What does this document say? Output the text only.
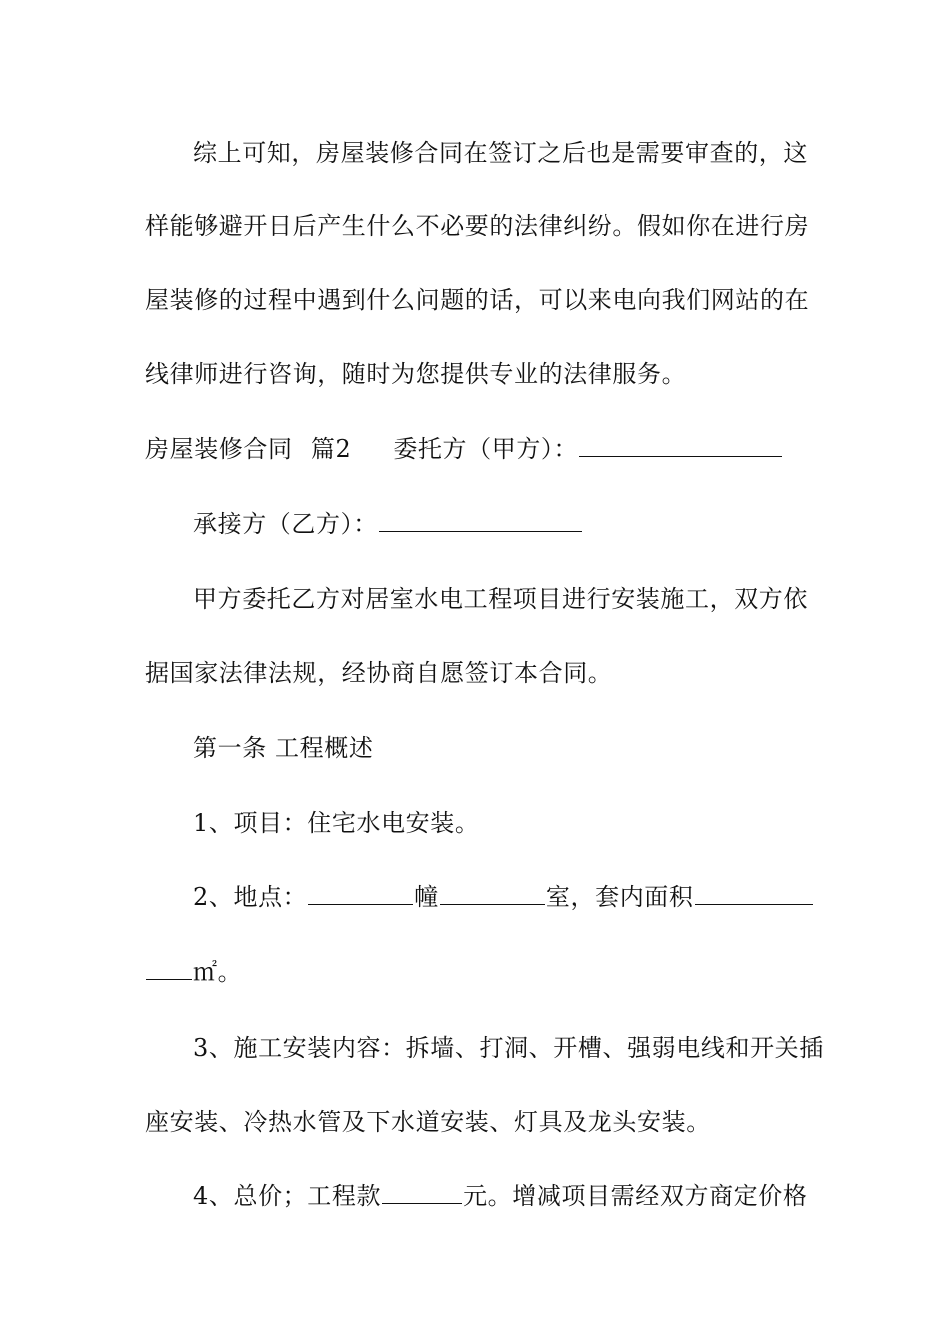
综上可知，房屋装修合同在签订之后也是需要审查的，这
样能够避开日后产生什么不必要的法律纠纷。假如你在进行房
屋装修的过程中遇到什么问题的话，可以来电向我们网站的在
线律师进行咨询，随时为您提供专业的法律服务。
房屋装修合同 篇2 委托方（甲方）：
承接方（乙方）：
甲方委托乙方对居室水电工程项目进行安装施工，双方依
据国家法律法规，经协商自愿签订本合同。
第一条 工程概述
1、项目：住宅水电安装。
2、地点：	幢	室，套内面积
㎡。
3、施工安装内容：拆墙、打洞、开槽、强弱电线和开关插
座安装、冷热水管及下水道安装、灯具及龙头安装。
4、总价；工程款	元。增减项目需经双方商定价格
